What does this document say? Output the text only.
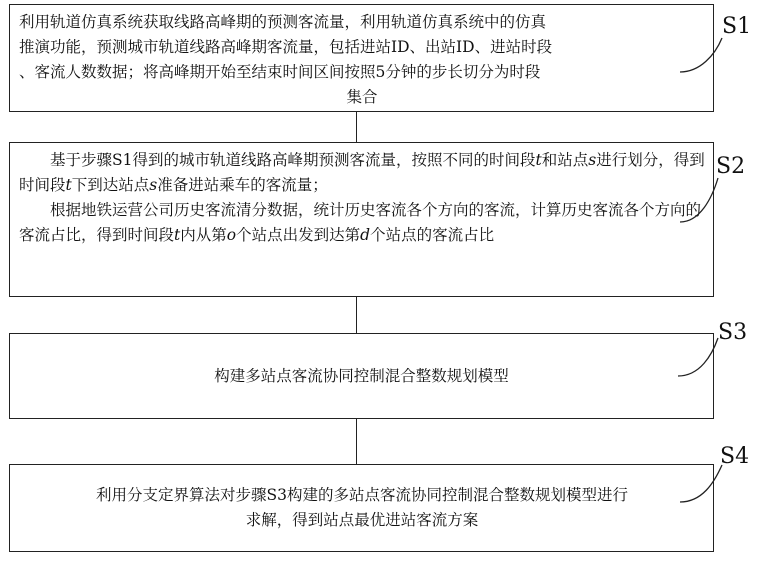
利用轨道仿真系统获取线路高峰期的预测客流量，利用轨道仿真系统中的仿真
推演功能，预测城市轨道线路高峰期客流量，包括进站ID、出站ID、进站时段
、客流人数数据；将高峰期开始至结束时间区间按照5分钟的步长切分为时段
集合
基于步骤S1得到的城市轨道线路高峰期预测客流量，按照不同的时间段t和站点s进行划分，得到时间段t下到达站点s准备进站乘车的客流量；
根据地铁运营公司历史客流清分数据，统计历史客流各个方向的客流，计算历史客流各个方向的客流占比，得到时间段t内从第o个站点出发到达第d个站点的客流占比
构建多站点客流协同控制混合整数规划模型
利用分支定界算法对步骤S3构建的多站点客流协同控制混合整数规划模型进行
求解，得到站点最优进站客流方案
S1
S2
S3
S4
